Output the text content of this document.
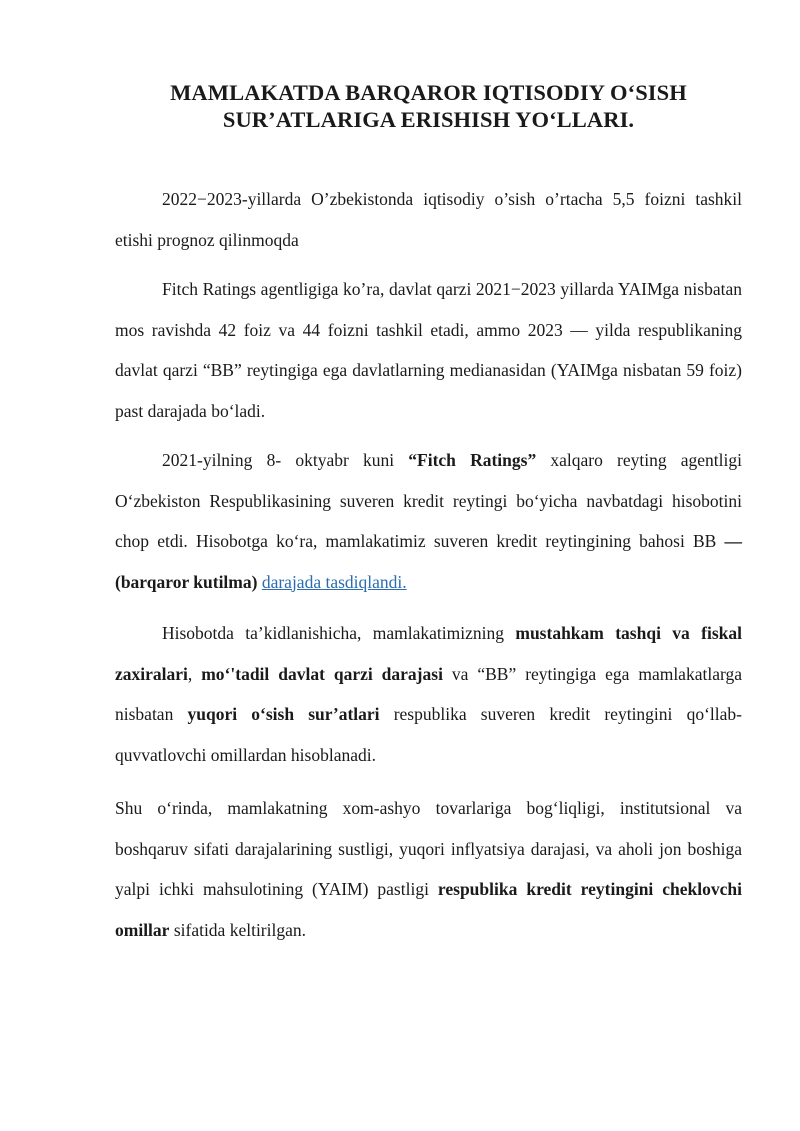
MAMLAKATDA BARQAROR IQTISODIY O‘SISH
SUR’ATLARIGA ERISHISH YO‘LLARI.

2022−2023-yillarda O’zbekistonda iqtisodiy o’sish o’rtacha 5,5 foizni tashkil etishi prognoz qilinmoqda

Fitch Ratings agentligiga ko’ra, davlat qarzi 2021−2023 yillarda YAIMga nisbatan mos ravishda 42 foiz va 44 foizni tashkil etadi, ammo 2023 — yilda respublikaning davlat qarzi “BB” reytingiga ega davlatlarning medianasidan (YAIMga nisbatan 59 foiz) past darajada bo‘ladi.

2021-yilning 8- oktyabr kuni “Fitch Ratings” xalqaro reyting agentligi O‘zbekiston Respublikasining suveren kredit reytingi bo‘yicha navbatdagi hisobotini chop etdi. Hisobotga ko‘ra, mamlakatimiz suveren kredit reytingining bahosi BB — (barqaror kutilma) darajada tasdiqlandi.

Hisobotda ta’kidlanishicha, mamlakatimizning mustahkam tashqi va fiskal zaxiralari, mo‘'tadil davlat qarzi darajasi va “BB” reytingiga ega mamlakatlarga nisbatan yuqori o‘sish sur’atlari respublika suveren kredit reytingini qo‘llab-quvvatlovchi omillardan hisoblanadi.

Shu o‘rinda, mamlakatning xom-ashyo tovarlariga bog‘liqligi, institutsional va boshqaruv sifati darajalarining sustligi, yuqori inflyatsiya darajasi, va aholi jon boshiga yalpi ichki mahsulotining (YAIM) pastligi respublika kredit reytingini cheklovchi omillar sifatida keltirilgan.
